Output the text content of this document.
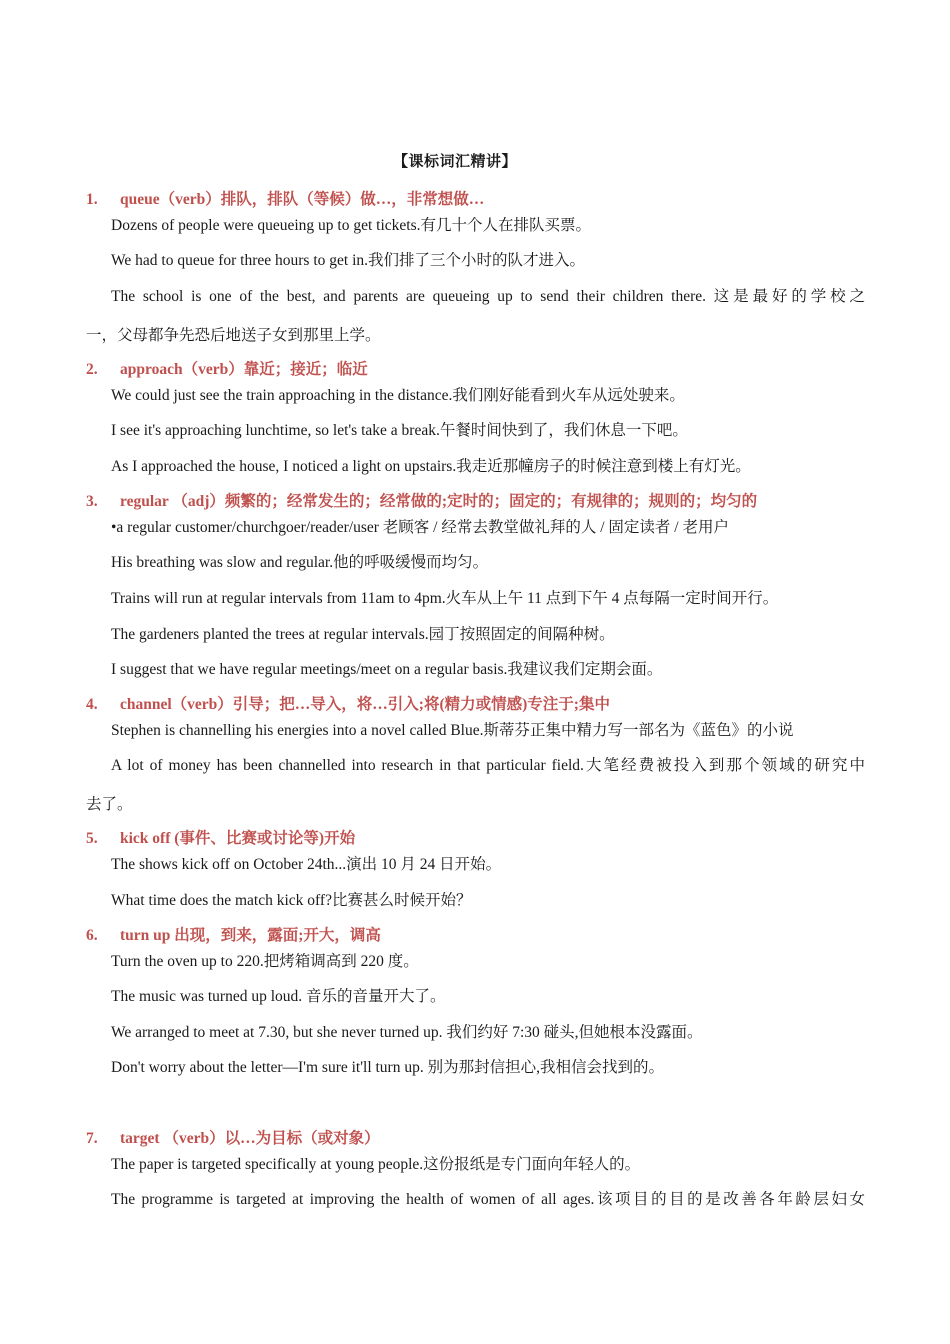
【课标词汇精讲】
1. queue（verb）排队，排队（等候）做…，非常想做…
Dozens of people were queueing up to get tickets.有几十个人在排队买票。
We had to queue for three hours to get in.我们排了三个小时的队才进入。
The school is one of the best, and parents are queueing up to send their children there. 这是最好的学校之
一，父母都争先恐后地送子女到那里上学。
2. approach（verb）靠近；接近；临近
We could just see the train approaching in the distance.我们刚好能看到火车从远处驶来。
I see it's approaching lunchtime, so let's take a break.午餐时间快到了，我们休息一下吧。
As I approached the house, I noticed a light on upstairs.我走近那幢房子的时候注意到楼上有灯光。
3. regular （adj）频繁的；经常发生的；经常做的;定时的；固定的；有规律的；规则的；均匀的
•a regular customer/churchgoer/reader/user 老顾客 / 经常去教堂做礼拜的人 / 固定读者 / 老用户
His breathing was slow and regular.他的呼吸缓慢而均匀。
Trains will run at regular intervals from 11am to 4pm.火车从上午 11 点到下午 4 点每隔一定时间开行。
The gardeners planted the trees at regular intervals.园丁按照固定的间隔种树。
I suggest that we have regular meetings/meet on a regular basis.我建议我们定期会面。
4. channel（verb）引导；把…导入，将…引入;将(精力或情感)专注于;集中
Stephen is channelling his energies into a novel called Blue.斯蒂芬正集中精力写一部名为《蓝色》的小说
A lot of money has been channelled into research in that particular field.大笔经费被投入到那个领域的研究中
去了。
5. kick off (事件、比赛或讨论等)开始
The shows kick off on October 24th...演出 10 月 24 日开始。
What time does the match kick off?比赛甚么时候开始？
6. turn up 出现，到来，露面;开大，调高
Turn the oven up to 220.把烤箱调高到 220 度。
The music was turned up loud. 音乐的音量开大了。
We arranged to meet at 7.30, but she never turned up. 我们约好 7:30 碰头,但她根本没露面。
Don't worry about the letter—I'm sure it'll turn up. 别为那封信担心,我相信会找到的。
7. target （verb）以…为目标（或对象）
The paper is targeted specifically at young people.这份报纸是专门面向年轻人的。
The programme is targeted at improving the health of women of all ages.该项目的目的是改善各年龄层妇女
